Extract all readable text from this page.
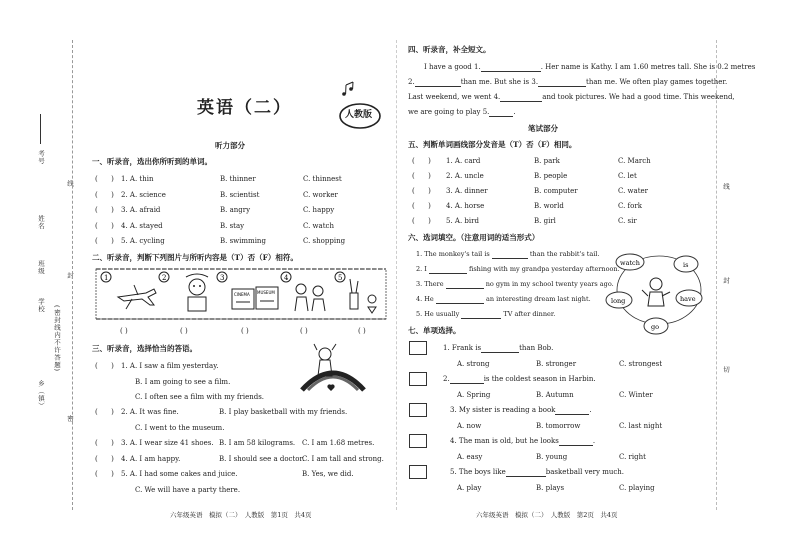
考号
姓名
班级
学校 (密封线内不许答题)
乡（镇）
线
封
密
线
封
切
英语（二）	人教版
听力部分
一、听录音，选出你所听到的单词。
( ) 1. A. thin	B. thinner	C. thinnest
( ) 2. A. science	B. scientist	C. worker
( ) 3. A. afraid	B. angry	C. happy
( ) 4. A. stayed	B. stay	C. watch
( ) 5. A. cycling	B. swimming	C. shopping
二、听录音，判断下列图片与所听内容是（T）否（F）相符。
CINEMA MUSEUM
1	2	3	4	5
( )	( )	( )	( )	( )
三、听录音，选择恰当的答语。
( ) 1. A. I saw a film yesterday.
B. I am going to see a film.
C. I often see a film with my friends.
( ) 2. A. It was fine.	B. I play basketball with my friends.
C. I went to the museum.
( ) 3. A. I wear size 41 shoes. B. I am 58 kilograms. C. I am 1.68 metres.
( ) 4. A. I am happy.	B. I should see a doctor.
C. I am tall and strong.
( ) 5. A. I had some cakes and juice.	B. Yes, we did.
C. We will have a party there.
六年级英语　模拟（二）　人教版　第1页　共4页
四、听录音，补全短文。
I have a good 1.	. Her name is Kathy. I am 1.60 metres tall. She is 0.2 metres
2.	than me. But she is 3.	than me. We often play games together.
Last weekend, we went 4.	and took pictures. We had a good time. This weekend,
we are going to play 5.	.
笔试部分
五、判断单词画线部分发音是（T）否（F）相同。
( ) 1. A. card	B. park	C. March
( ) 2. A. uncle	B. people	C. let
( ) 3. A. dinner	B. computer	C. water
( ) 4. A. horse	B. world	C. fork
( ) 5. A. bird	B. girl	C. sir
六、选词填空。（注意用词的适当形式）
1. The monkey's tail is	than the rabbit's tail.
2. I	fishing with my grandpa yesterday afternoon.
3. There	no gym in my school twenty years ago.
4. He	an interesting dream last night.
5. He usually	TV after dinner.
watch	is
long	have
go
七、单项选择。
1. Frank is	than Bob.
A. strong	B. stronger	C. strongest
2.	is the coldest season in Harbin.
A. Spring	B. Autumn	C. Winter
3. My sister is reading a book	.
A. now	B. tomorrow	C. last night
4. The man is old, but he looks	.
A. easy	B. young	C. right
5. The boys like	basketball very much.
A. play	B. plays	C. playing
六年级英语　模拟（二）　人教版　第2页　共4页
